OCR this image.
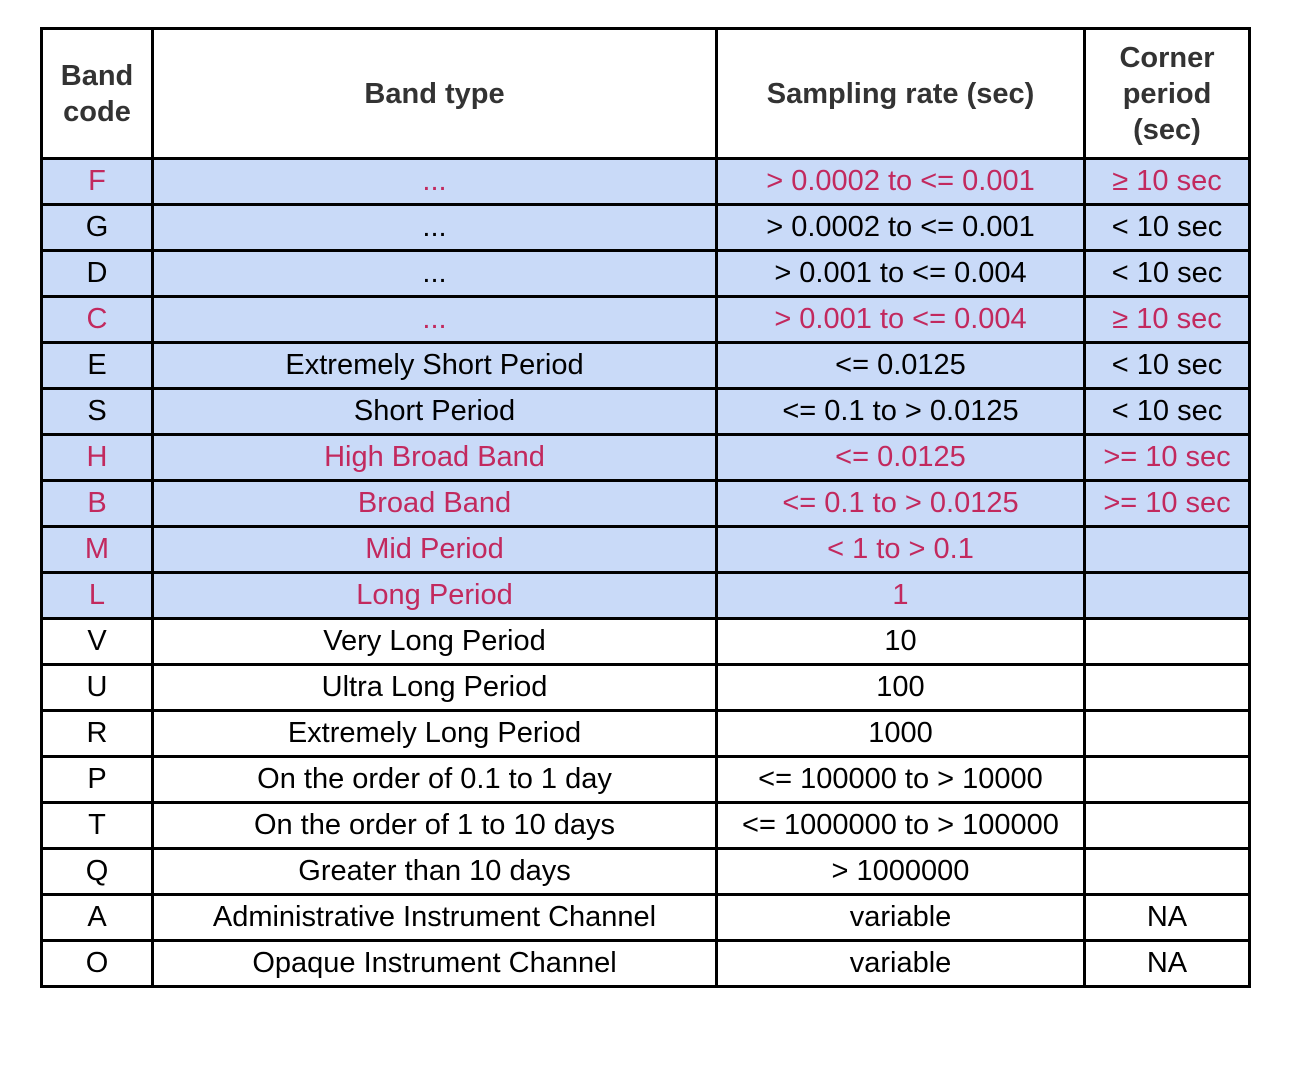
Band code	Band type	Sampling rate (sec)	Corner period (sec)
F	...	> 0.0002 to <= 0.001	≥ 10 sec
G	...	> 0.0002 to <= 0.001	< 10 sec
D	...	> 0.001 to <= 0.004	< 10 sec
C	...	> 0.001 to <= 0.004	≥ 10 sec
E	Extremely Short Period	<= 0.0125	< 10 sec
S	Short Period	<= 0.1 to > 0.0125	< 10 sec
H	High Broad Band	<= 0.0125	>= 10 sec
B	Broad Band	<= 0.1 to > 0.0125	>= 10 sec
M	Mid Period	< 1 to > 0.1	
L	Long Period	1	
V	Very Long Period	10	
U	Ultra Long Period	100	
R	Extremely Long Period	1000	
P	On the order of 0.1 to 1 day	<= 100000 to > 10000	
T	On the order of 1 to 10 days	<= 1000000 to > 100000	
Q	Greater than 10 days	> 1000000	
A	Administrative Instrument Channel	variable	NA
O	Opaque Instrument Channel	variable	NA
